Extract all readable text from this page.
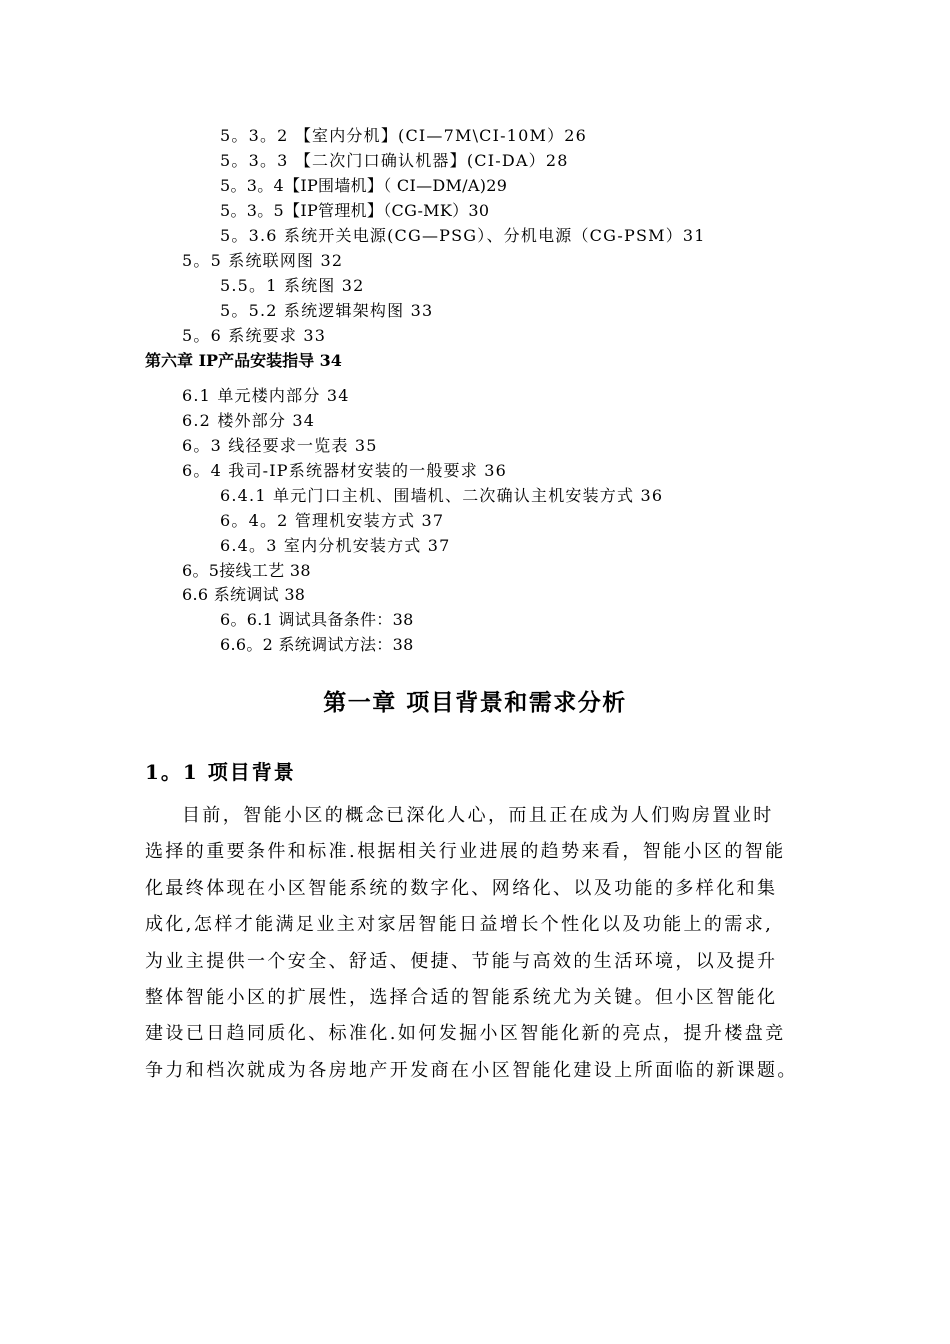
5。3。2 【室内分机】(CI—7M\CI-10M）26
5。3。3 【二次门口确认机器】(CI-DA）28
5。3。4【IP围墙机】（ CI—DM/A)29
5。3。5【IP管理机】（CG-MK）30
5。3.6 系统开关电源(CG—PSG）、分机电源（CG-PSM）31
5。5 系统联网图 32
5.5。1 系统图 32
5。5.2 系统逻辑架构图 33
5。6 系统要求 33
第六章 IP产品安装指导 34
6.1 单元楼内部分 34
6.2 楼外部分 34
6。3 线径要求一览表 35
6。4 我司-IP系统器材安装的一般要求 36
6.4.1 单元门口主机、围墙机、二次确认主机安装方式 36
6。4。2 管理机安装方式 37
6.4。3 室内分机安装方式 37
6。5接线工艺 38
6.6 系统调试 38
6。6.1 调试具备条件：38
6.6。2 系统调试方法：38
第一章 项目背景和需求分析
1。1 项目背景
目前，智能小区的概念已深化人心，而且正在成为人们购房置业时
选择的重要条件和标准.根据相关行业进展的趋势来看，智能小区的智能
化最终体现在小区智能系统的数字化、网络化、以及功能的多样化和集
成化,怎样才能满足业主对家居智能日益增长个性化以及功能上的需求,
为业主提供一个安全、舒适、便捷、节能与高效的生活环境，以及提升
整体智能小区的扩展性，选择合适的智能系统尤为关键。但小区智能化
建设已日趋同质化、标准化.如何发掘小区智能化新的亮点，提升楼盘竞
争力和档次就成为各房地产开发商在小区智能化建设上所面临的新课题。
